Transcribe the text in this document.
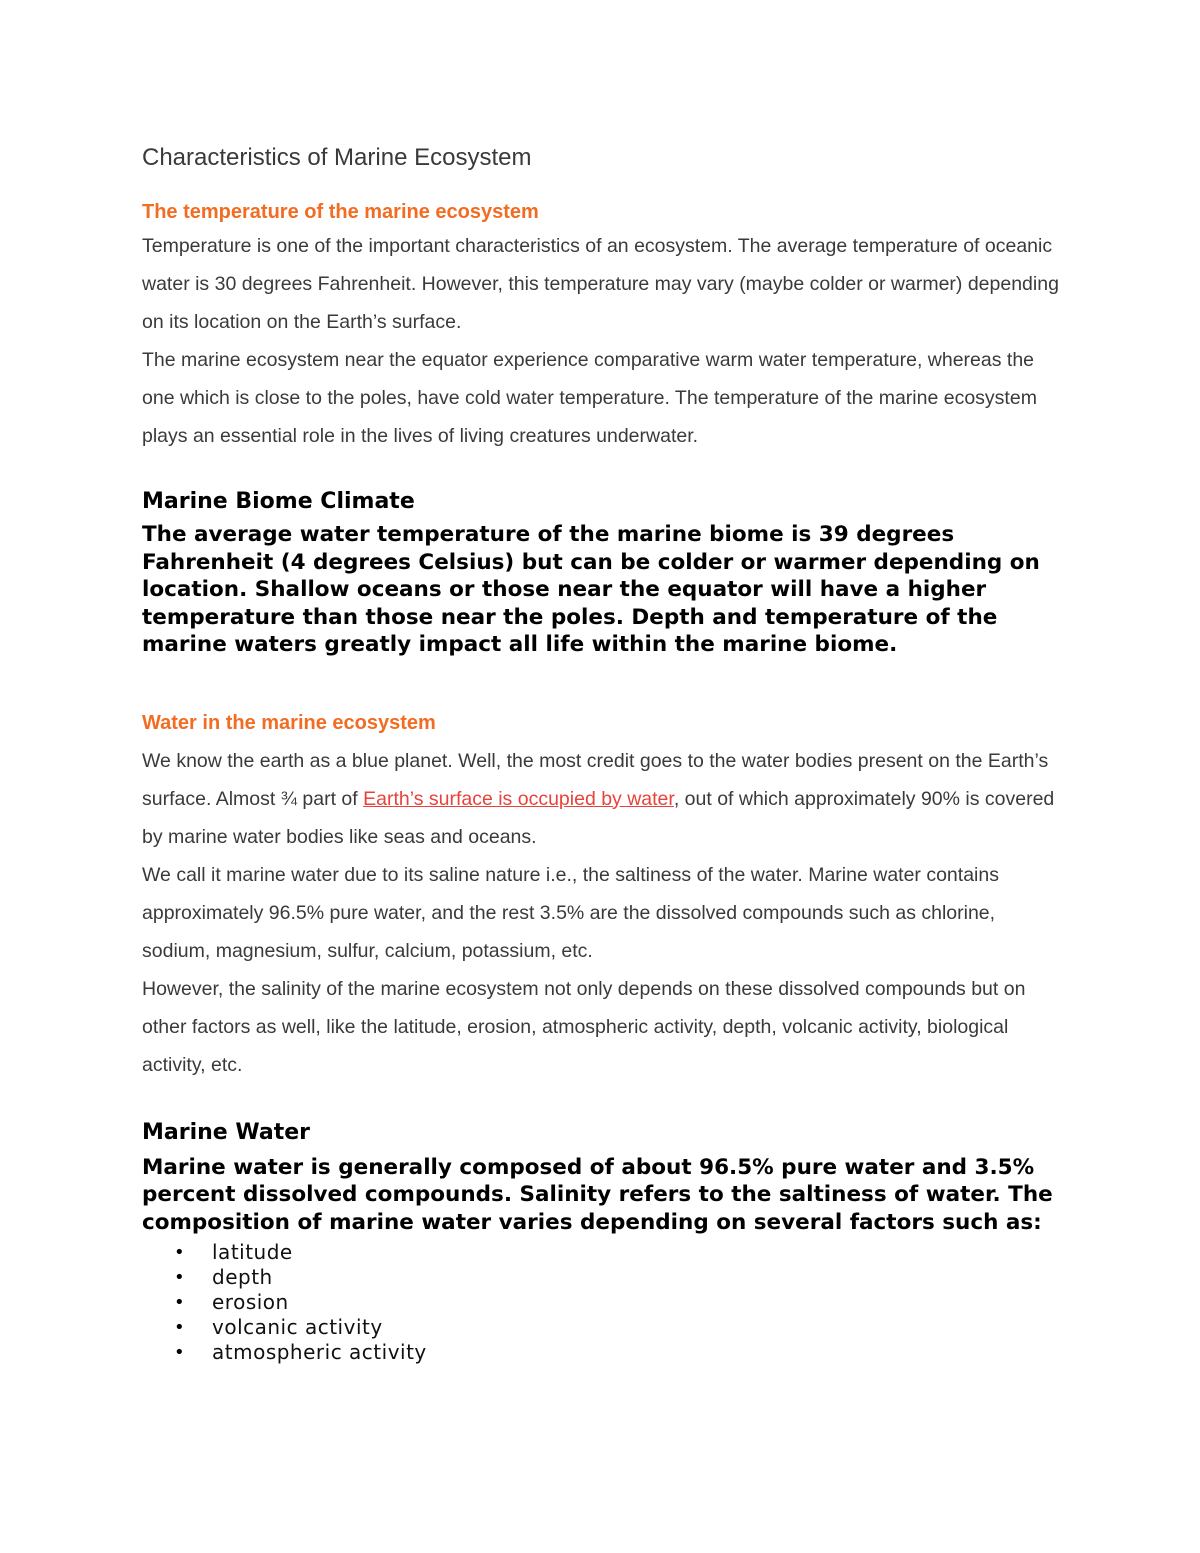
Characteristics of Marine Ecosystem
The temperature of the marine ecosystem

Temperature is one of the important characteristics of an ecosystem. The average temperature of oceanic water is 30 degrees Fahrenheit. However, this temperature may vary (maybe colder or warmer) depending on its location on the Earth’s surface.

The marine ecosystem near the equator experience comparative warm water temperature, whereas the one which is close to the poles, have cold water temperature. The temperature of the marine ecosystem plays an essential role in the lives of living creatures underwater.

Marine Biome Climate

The average water temperature of the marine biome is 39 degrees Fahrenheit (4 degrees Celsius) but can be colder or warmer depending on location. Shallow oceans or those near the equator will have a higher temperature than those near the poles. Depth and temperature of the marine waters greatly impact all life within the marine biome.

Water in the marine ecosystem

We know the earth as a blue planet. Well, the most credit goes to the water bodies present on the Earth’s surface. Almost ¾ part of Earth’s surface is occupied by water, out of which approximately 90% is covered by marine water bodies like seas and oceans.

We call it marine water due to its saline nature i.e., the saltiness of the water. Marine water contains approximately 96.5% pure water, and the rest 3.5% are the dissolved compounds such as chlorine, sodium, magnesium, sulfur, calcium, potassium, etc.

However, the salinity of the marine ecosystem not only depends on these dissolved compounds but on other factors as well, like the latitude, erosion, atmospheric activity, depth, volcanic activity, biological activity, etc.

Marine Water

Marine water is generally composed of about 96.5% pure water and 3.5% percent dissolved compounds. Salinity refers to the saltiness of water. The composition of marine water varies depending on several factors such as:

• latitude
• depth
• erosion
• volcanic activity
• atmospheric activity
